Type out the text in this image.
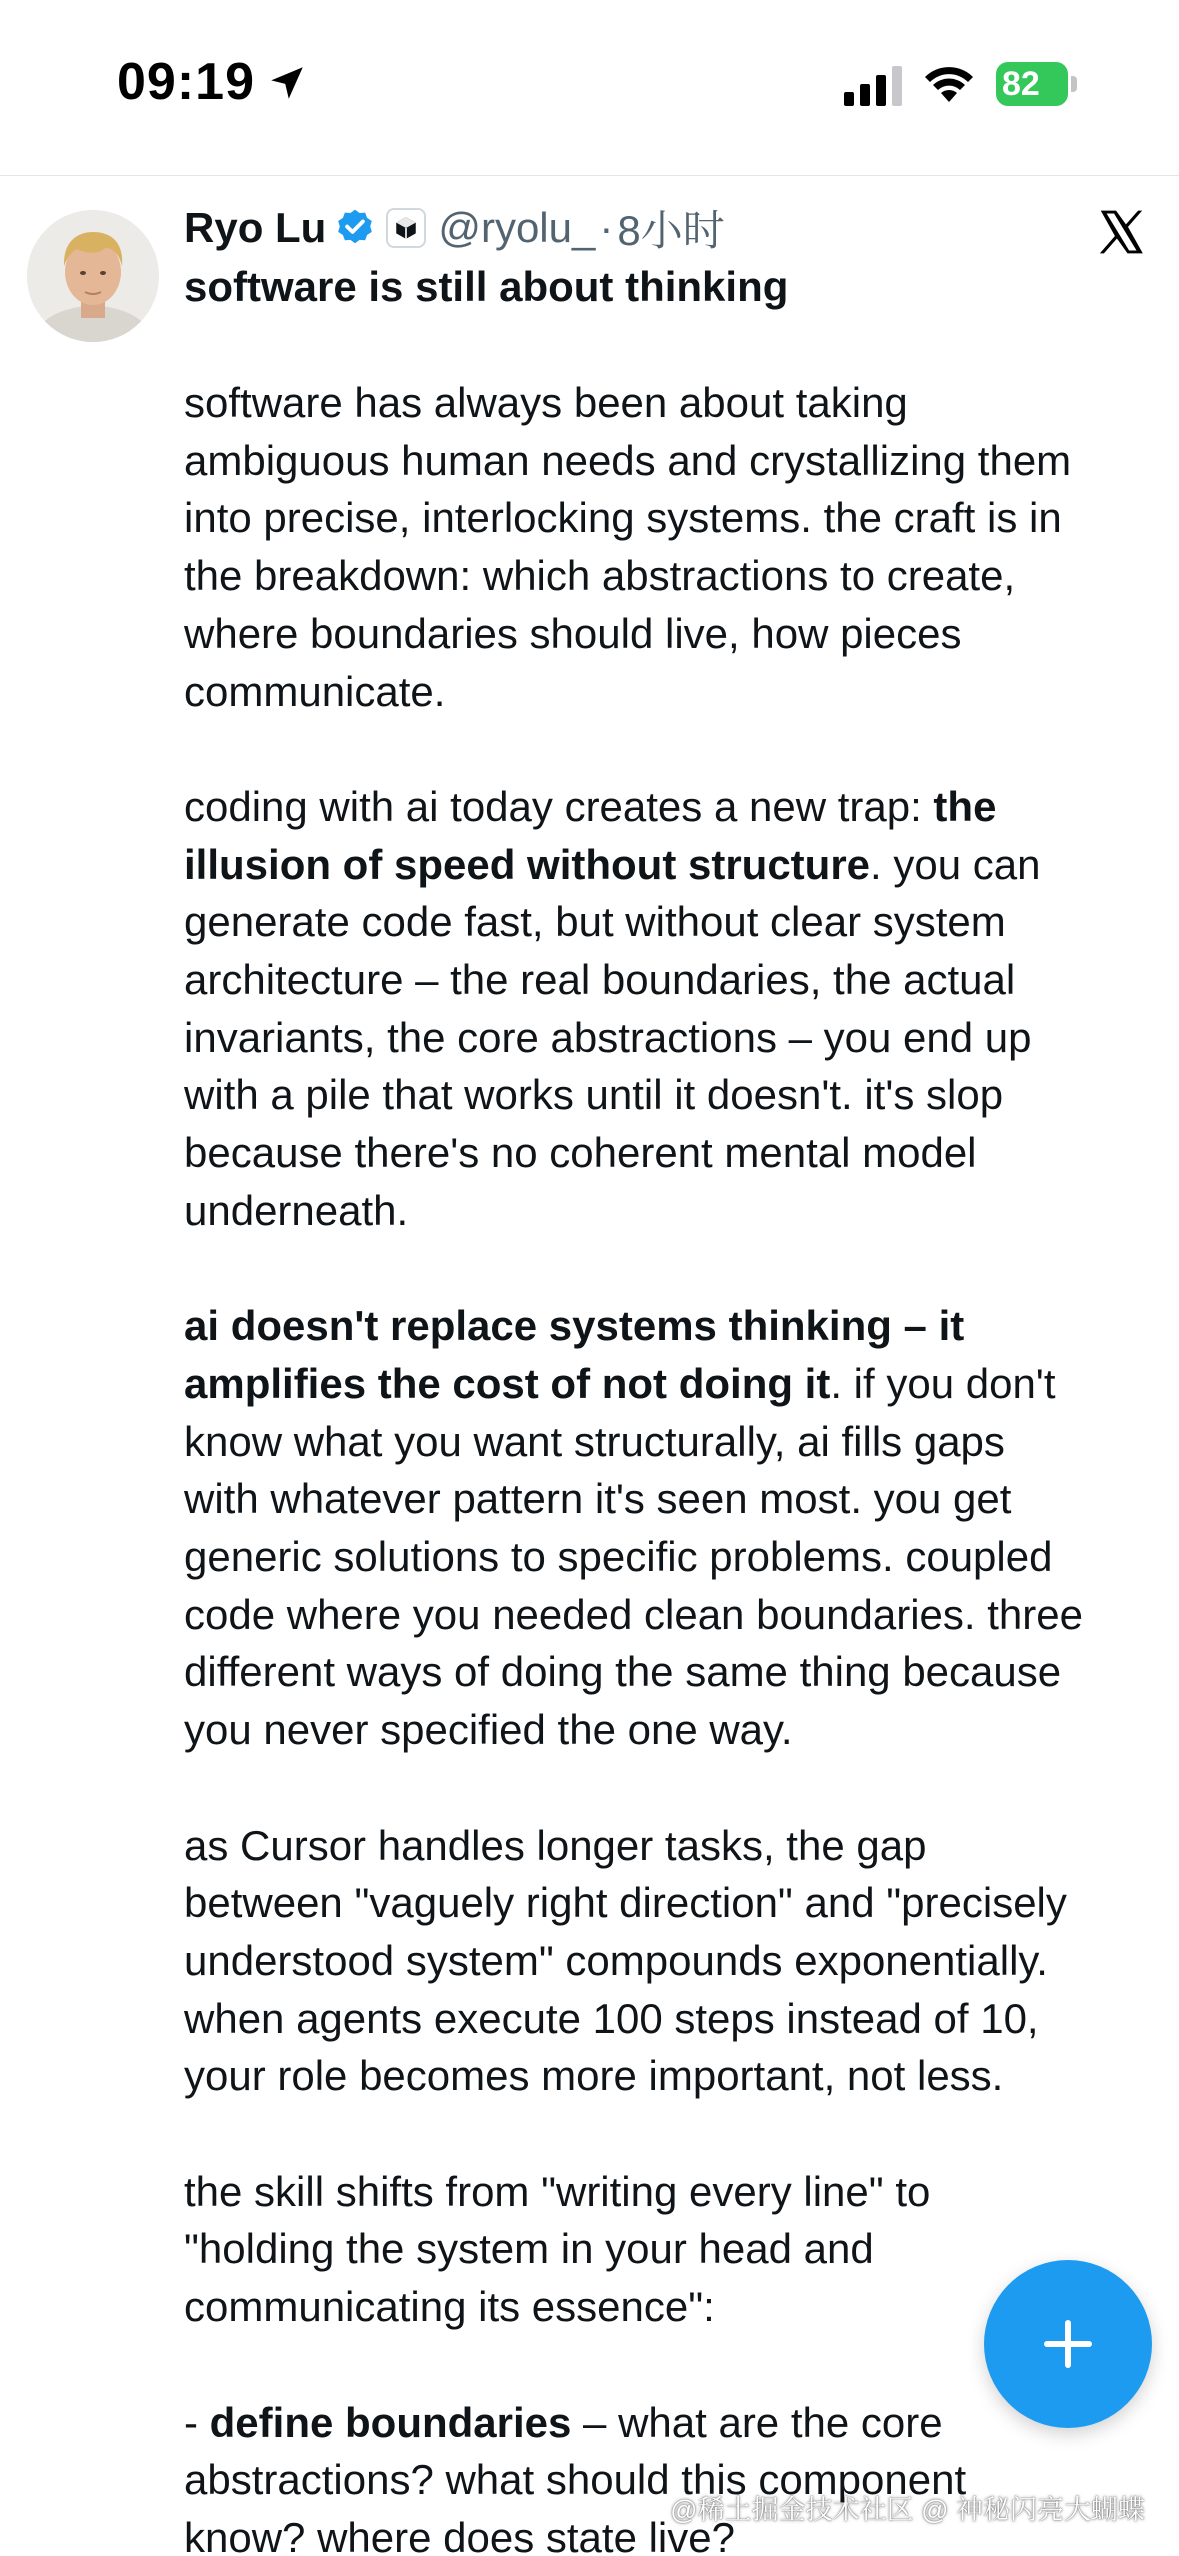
09:19	82
Ryo Lu	@ryolu_ · 8小时
software is still about thinking

software has always been about taking
ambiguous human needs and crystallizing them
into precise, interlocking systems. the craft is in
the breakdown: which abstractions to create,
where boundaries should live, how pieces
communicate.

coding with ai today creates a new trap: the
illusion of speed without structure. you can
generate code fast, but without clear system
architecture – the real boundaries, the actual
invariants, the core abstractions – you end up
with a pile that works until it doesn't. it's slop
because there's no coherent mental model
underneath.

ai doesn't replace systems thinking – it
amplifies the cost of not doing it. if you don't
know what you want structurally, ai fills gaps
with whatever pattern it's seen most. you get
generic solutions to specific problems. coupled
code where you needed clean boundaries. three
different ways of doing the same thing because
you never specified the one way.

as Cursor handles longer tasks, the gap
between "vaguely right direction" and "precisely
understood system" compounds exponentially.
when agents execute 100 steps instead of 10,
your role becomes more important, not less.

the skill shifts from "writing every line" to
"holding the system in your head and
communicating its essence":

- define boundaries – what are the core
abstractions? what should this component
know? where does state live?

@稀土掘金技术社区 @ 神秘闪亮大蝴蝶
